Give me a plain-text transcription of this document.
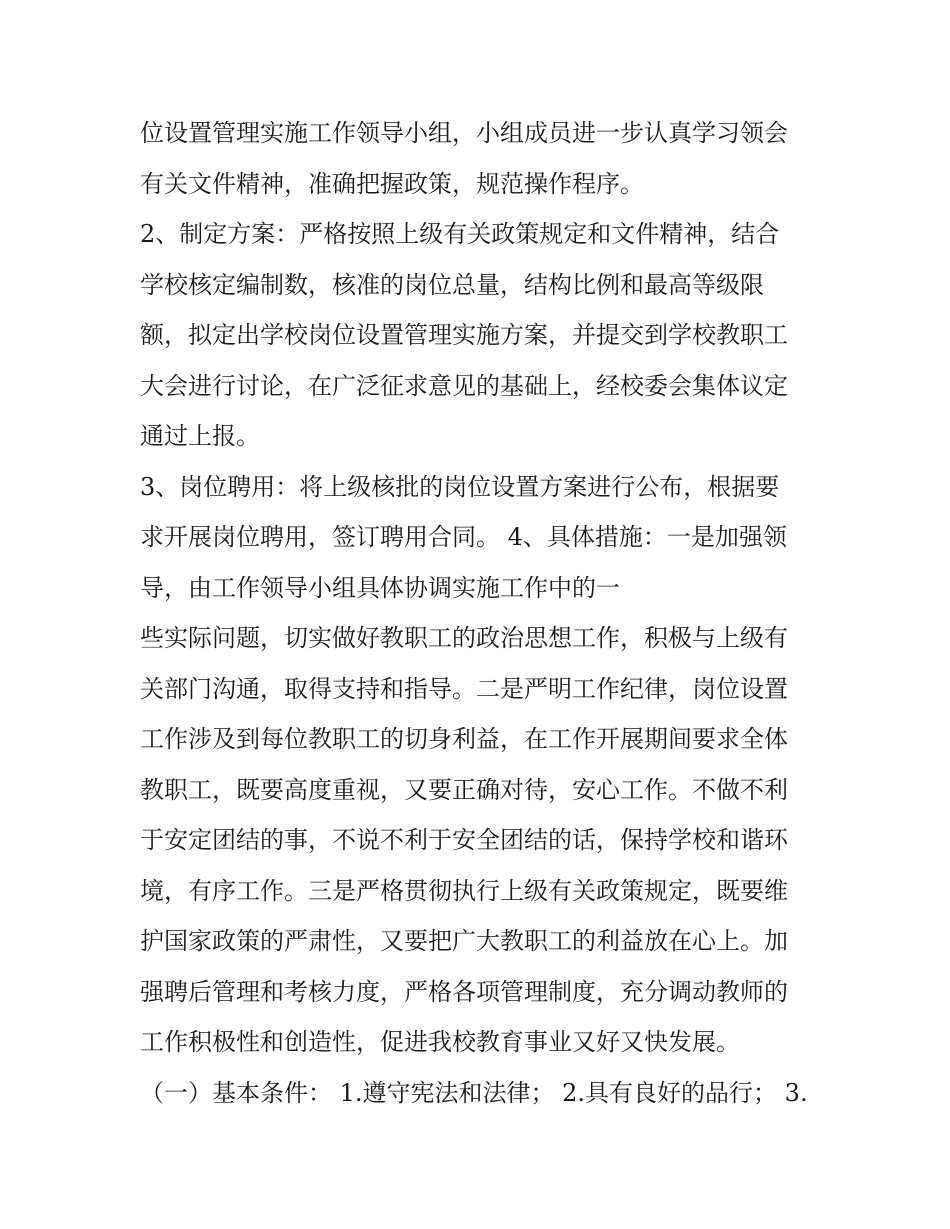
位设置管理实施工作领导小组，小组成员进一步认真学习领会
有关文件精神，准确把握政策，规范操作程序。
2、制定方案：严格按照上级有关政策规定和文件精神，结合
学校核定编制数，核准的岗位总量，结构比例和最高等级限
额，拟定出学校岗位设置管理实施方案，并提交到学校教职工
大会进行讨论，在广泛征求意见的基础上，经校委会集体议定
通过上报。
3、岗位聘用：将上级核批的岗位设置方案进行公布，根据要
求开展岗位聘用，签订聘用合同。 4、具体措施：一是加强领
导，由工作领导小组具体协调实施工作中的一
些实际问题，切实做好教职工的政治思想工作，积极与上级有
关部门沟通，取得支持和指导。二是严明工作纪律，岗位设置
工作涉及到每位教职工的切身利益，在工作开展期间要求全体
教职工，既要高度重视，又要正确对待，安心工作。不做不利
于安定团结的事，不说不利于安全团结的话，保持学校和谐环
境，有序工作。三是严格贯彻执行上级有关政策规定，既要维
护国家政策的严肃性，又要把广大教职工的利益放在心上。加
强聘后管理和考核力度，严格各项管理制度，充分调动教师的
工作积极性和创造性，促进我校教育事业又好又快发展。
（一）基本条件： 1.遵守宪法和法律； 2.具有良好的品行； 3.
